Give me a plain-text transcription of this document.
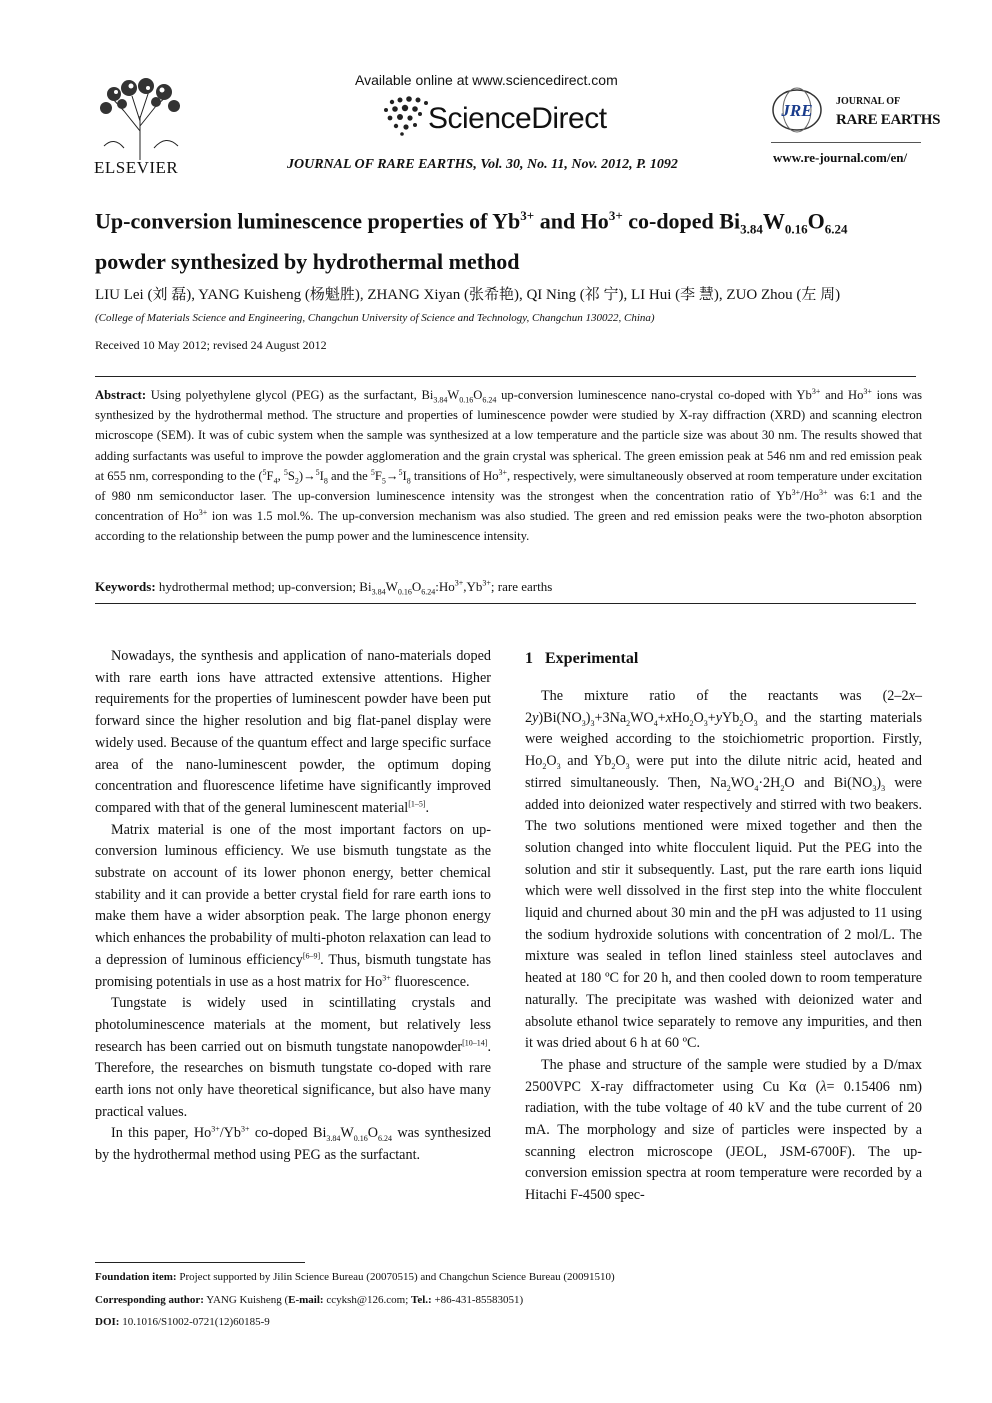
Available online at www.sciencedirect.com
ScienceDirect
JOURNAL OF RARE EARTHS, Vol. 30, No. 11, Nov. 2012, P. 1092
ELSEVIER
JRE JOURNAL OF
RARE EARTHS
www.re-journal.com/en/
Up-conversion luminescence properties of $Yb^{3+}$ and $Ho^{3+}$ co-doped $Bi_{3.84}W_{0.16}O_{6.24}$ powder synthesized by hydrothermal method
LIU Lei (刘 磊), YANG Kuisheng (杨魁胜), ZHANG Xiyan (张希艳), QI Ning (祁 宁), LI Hui (李 慧), ZUO Zhou (左 周)
(College of Materials Science and Engineering, Changchun University of Science and Technology, Changchun 130022, China)
Received 10 May 2012; revised 24 August 2012
Abstract: Using polyethylene glycol (PEG) as the surfactant, $Bi_{3.84}W_{0.16}O_{6.24}$ up-conversion luminescence nano-crystal co-doped with $Yb^{3+}$ and $Ho^{3+}$ ions was synthesized by the hydrothermal method. The structure and properties of luminescence powder were studied by X-ray diffraction (XRD) and scanning electron microscope (SEM). It was of cubic system when the sample was synthesized at a low temperature and the particle size was about 30 nm. The results showed that adding surfactants was useful to improve the powder agglomeration and the grain crystal was spherical. The green emission peak at 546 nm and red emission peak at 655 nm, corresponding to the ($^5F_4$, $^5S_2)\to^5I_8$ and the $^5F_5\to^5I_8$ transitions of $Ho^{3+}$, respectively, were simultaneously observed at room temperature under excitation of 980 nm semiconductor laser. The up-conversion luminescence intensity was the strongest when the concentration ratio of $Yb^{3+}/Ho^{3+}$ was 6:1 and the concentration of $Ho^{3+}$ ion was 1.5 mol.%. The up-conversion mechanism was also studied. The green and red emission peaks were the two-photon absorption according to the relationship between the pump power and the luminescence intensity.
Keywords: hydrothermal method; up-conversion; $Bi_{3.84}W_{0.16}O_{6.24}:Ho^{3+},Yb^{3+}$; rare earths

Nowadays, the synthesis and application of nano-materials doped with rare earth ions have attracted extensive attentions. Higher requirements for the properties of luminescent powder have been put forward since the higher resolution and big flat-panel display were widely used. Because of the quantum effect and large specific surface area of the nano-luminescent powder, the optimum doping concentration and fluorescence lifetime have significantly improved compared with that of the general luminescent material[1–5].

Matrix material is one of the most important factors on up-conversion luminous efficiency. We use bismuth tungstate as the substrate on account of its lower phonon energy, better chemical stability and it can provide a better crystal field for rare earth ions to make them have a wider absorption peak. The large phonon energy which enhances the probability of multi-photon relaxation can lead to a depression of luminous efficiency[6–9]. Thus, bismuth tungstate has promising potentials in use as a host matrix for $Ho^{3+}$ fluorescence.

Tungstate is widely used in scintillating crystals and photoluminescence materials at the moment, but relatively less research has been carried out on bismuth tungstate nanopowder[10–14]. Therefore, the researches on bismuth tungstate co-doped with rare earth ions not only have theoretical significance, but also have many practical values.

In this paper, $Ho^{3+}/Yb^{3+}$ co-doped $Bi_{3.84}W_{0.16}O_{6.24}$ was synthesized by the hydrothermal method using PEG as the surfactant.

1   Experimental

The mixture ratio of the reactants was $(2-2x-2y)Bi(NO_3)_3+3Na_2WO_4+xHo_2O_3+yYb_2O_3$ and the starting materials were weighed according to the stoichiometric proportion. Firstly, $Ho_2O_3$ and $Yb_2O_3$ were put into the dilute nitric acid, heated and stirred simultaneously. Then, $Na_2WO_4\cdot 2H_2O$ and $Bi(NO_3)_3$ were added into deionized water respectively and stirred with two beakers. The two solutions mentioned were mixed together and then the solution changed into white flocculent liquid. Put the PEG into the solution and stir it subsequently. Last, put the rare earth ions liquid which were well dissolved in the first step into the white flocculent liquid and churned about 30 min and the pH was adjusted to 11 using the sodium hydroxide solutions with concentration of 2 mol/L. The mixture was sealed in teflon lined stainless steel autoclaves and heated at 180 ºC for 20 h, and then cooled down to room temperature naturally. The precipitate was washed with deionized water and absolute ethanol twice separately to remove any impurities, and then it was dried about 6 h at 60 ºC.

The phase and structure of the sample were studied by a D/max 2500VPC X-ray diffractometer using Cu Kα (λ= 0.15406 nm) radiation, with the tube voltage of 40 kV and the tube current of 20 mA. The morphology and size of particles were inspected by a scanning electron microscope (JEOL, JSM-6700F). The up-conversion emission spectra at room temperature were recorded by a Hitachi F-4500 spec-

Foundation item: Project supported by Jilin Science Bureau (20070515) and Changchun Science Bureau (20091510)
Corresponding author: YANG Kuisheng (E-mail: ccyksh@126.com; Tel.: +86-431-85583051)
DOI: 10.1016/S1002-0721(12)60185-9
